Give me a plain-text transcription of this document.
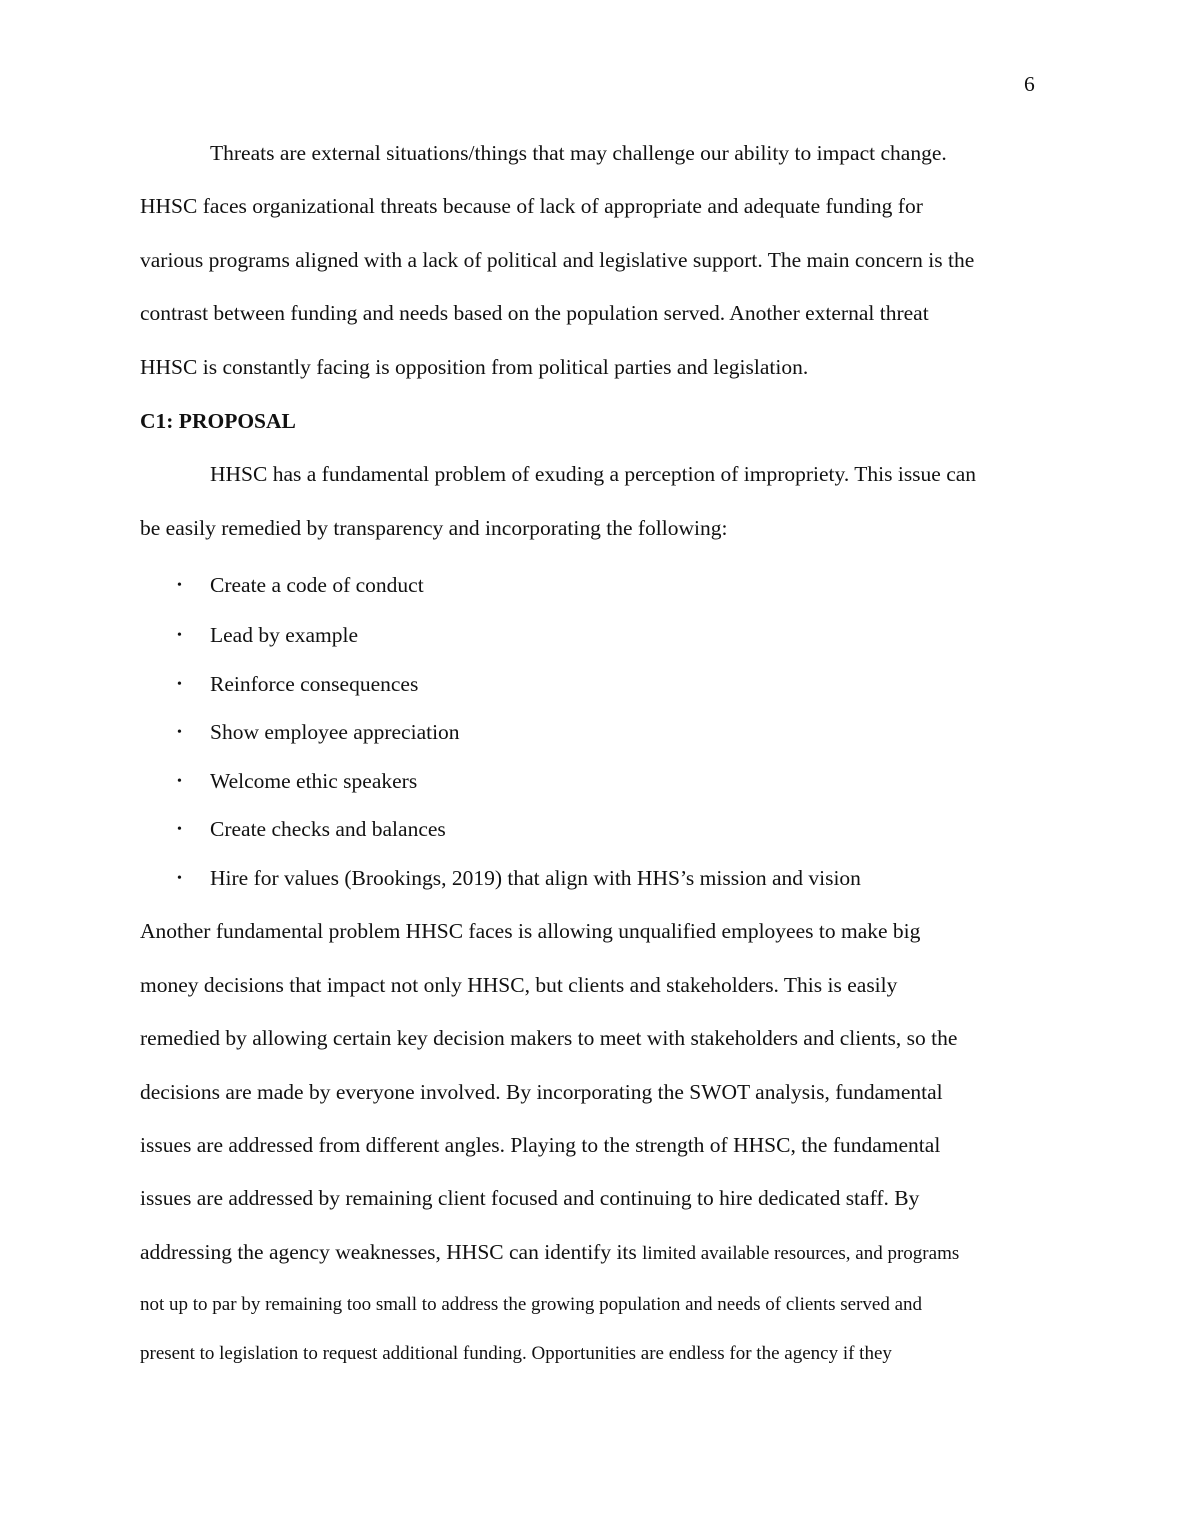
6
Threats are external situations/things that may challenge our ability to impact change.
HHSC faces organizational threats because of lack of appropriate and adequate funding for
various programs aligned with a lack of political and legislative support. The main concern is the
contrast between funding and needs based on the population served. Another external threat
HHSC is constantly facing is opposition from political parties and legislation.
C1: PROPOSAL
HHSC has a fundamental problem of exuding a perception of impropriety. This issue can
be easily remedied by transparency and incorporating the following:
• Create a code of conduct
• Lead by example
• Reinforce consequences
• Show employee appreciation
• Welcome ethic speakers
• Create checks and balances
• Hire for values (Brookings, 2019) that align with HHS’s mission and vision
Another fundamental problem HHSC faces is allowing unqualified employees to make big
money decisions that impact not only HHSC, but clients and stakeholders. This is easily
remedied by allowing certain key decision makers to meet with stakeholders and clients, so the
decisions are made by everyone involved. By incorporating the SWOT analysis, fundamental
issues are addressed from different angles. Playing to the strength of HHSC, the fundamental
issues are addressed by remaining client focused and continuing to hire dedicated staff. By
addressing the agency weaknesses, HHSC can identify its limited available resources, and programs
not up to par by remaining too small to address the growing population and needs of clients served and
present to legislation to request additional funding. Opportunities are endless for the agency if they
